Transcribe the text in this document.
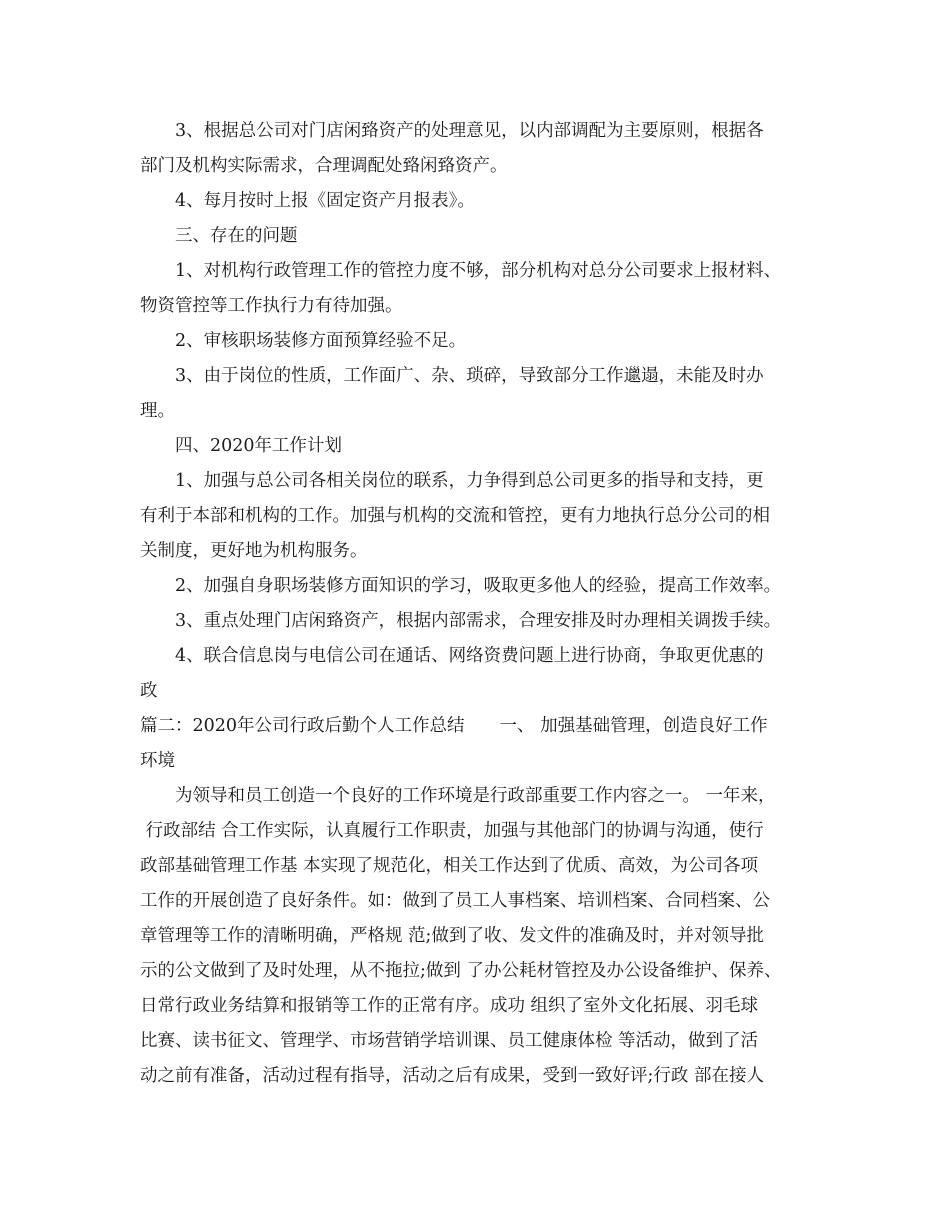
3、根据总公司对门店闲臵资产的处理意见，以内部调配为主要原则，根据各
部门及机构实际需求，合理调配处臵闲臵资产。
4、每月按时上报《固定资产月报表》。
三、存在的问题
1、对机构行政管理工作的管控力度不够，部分机构对总分公司要求上报材料、
物资管控等工作执行力有待加强。
2、审核职场装修方面预算经验不足。
3、由于岗位的性质，工作面广、杂、琐碎，导致部分工作邋遢，未能及时办
理。
四、2020年工作计划
1、加强与总公司各相关岗位的联系，力争得到总公司更多的指导和支持，更
有利于本部和机构的工作。加强与机构的交流和管控，更有力地执行总分公司的相
关制度，更好地为机构服务。
2、加强自身职场装修方面知识的学习，吸取更多他人的经验，提高工作效率。
3、重点处理门店闲臵资产，根据内部需求，合理安排及时办理相关调拨手续。
4、联合信息岗与电信公司在通话、网络资费问题上进行协商，争取更优惠的
政
篇二：2020年公司行政后勤个人工作总结　　一、 加强基础管理，创造良好工作
环境
为领导和员工创造一个良好的工作环境是行政部重要工作内容之一。 一年来，
行政部结 合工作实际，认真履行工作职责，加强与其他部门的协调与沟通，使行
政部基础管理工作基 本实现了规范化，相关工作达到了优质、高效，为公司各项
工作的开展创造了良好条件。如：做到了员工人事档案、培训档案、合同档案、公
章管理等工作的清晰明确，严格规 范;做到了收、发文件的准确及时，并对领导批
示的公文做到了及时处理，从不拖拉;做到 了办公耗材管控及办公设备维护、保养、
日常行政业务结算和报销等工作的正常有序。成功 组织了室外文化拓展、羽毛球
比赛、读书征文、管理学、市场营销学培训课、员工健康体检 等活动，做到了活
动之前有准备，活动过程有指导，活动之后有成果，受到一致好评;行政 部在接人
